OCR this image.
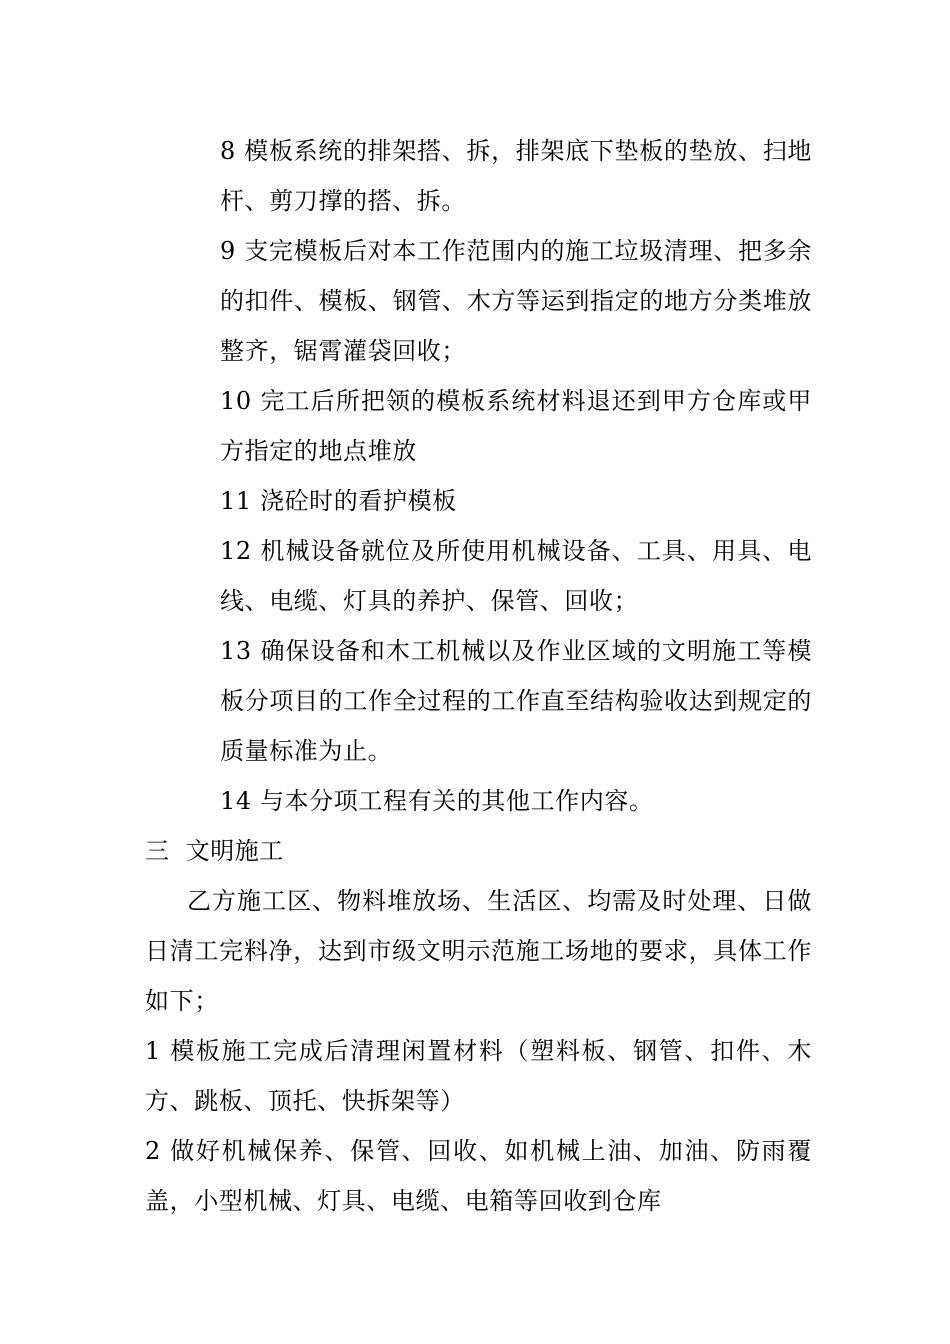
8 模板系统的排架搭、拆，排架底下垫板的垫放、扫地杆、剪刀撑的搭、拆。

9 支完模板后对本工作范围内的施工垃圾清理、把多余的扣件、模板、钢管、木方等运到指定的地方分类堆放整齐，锯霄灌袋回收；

10 完工后所把领的模板系统材料退还到甲方仓库或甲方指定的地点堆放

11 浇砼时的看护模板

12 机械设备就位及所使用机械设备、工具、用具、电线、电缆、灯具的养护、保管、回收；

13 确保设备和木工机械以及作业区域的文明施工等模板分项目的工作全过程的工作直至结构验收达到规定的质量标准为止。

14 与本分项工程有关的其他工作内容。

三  文明施工

乙方施工区、物料堆放场、生活区、均需及时处理、日做日清工完料净，达到市级文明示范施工场地的要求，具体工作如下；

1 模板施工完成后清理闲置材料（塑料板、钢管、扣件、木方、跳板、顶托、快拆架等）

2 做好机械保养、保管、回收、如机械上油、加油、防雨覆盖，小型机械、灯具、电缆、电箱等回收到仓库
